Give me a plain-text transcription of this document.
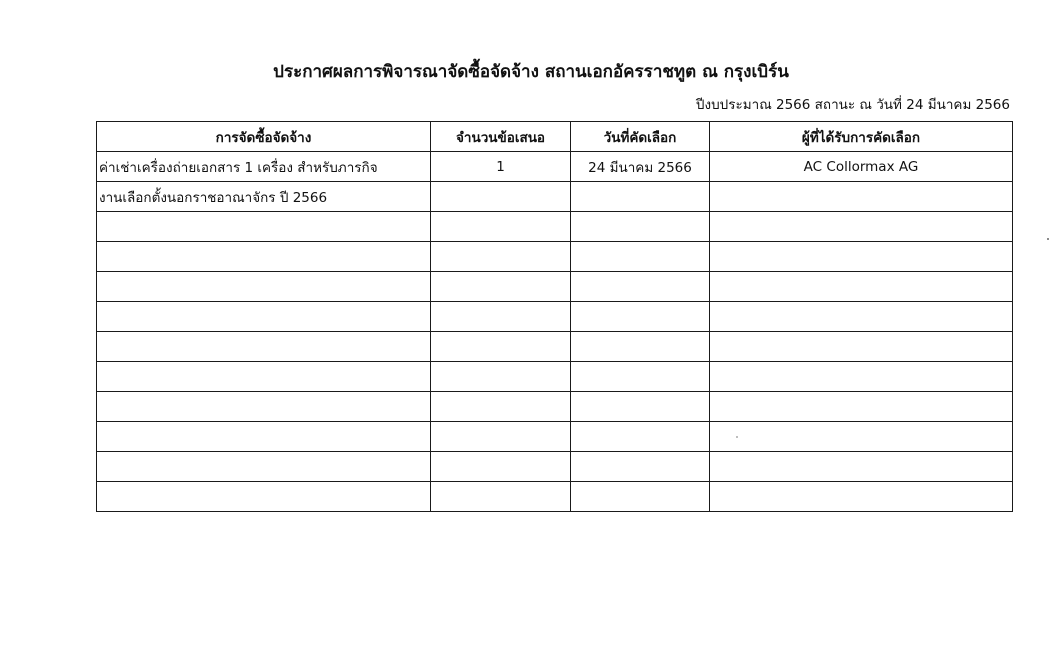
ประกาศผลการพิจารณาจัดซื้อจัดจ้าง สถานเอกอัครราชทูต ณ กรุงเบิร์น
ปีงบประมาณ 2566 สถานะ ณ วันที่ 24 มีนาคม 2566
การจัดซื้อจัดจ้าง	จำนวนข้อเสนอ	วันที่คัดเลือก	ผู้ที่ได้รับการคัดเลือก
ค่าเช่าเครื่องถ่ายเอกสาร 1 เครื่อง สำหรับภารกิจ	1	24 มีนาคม 2566	AC Collormax AG
งานเลือกตั้งนอกราชอาณาจักร ปี 2566			
